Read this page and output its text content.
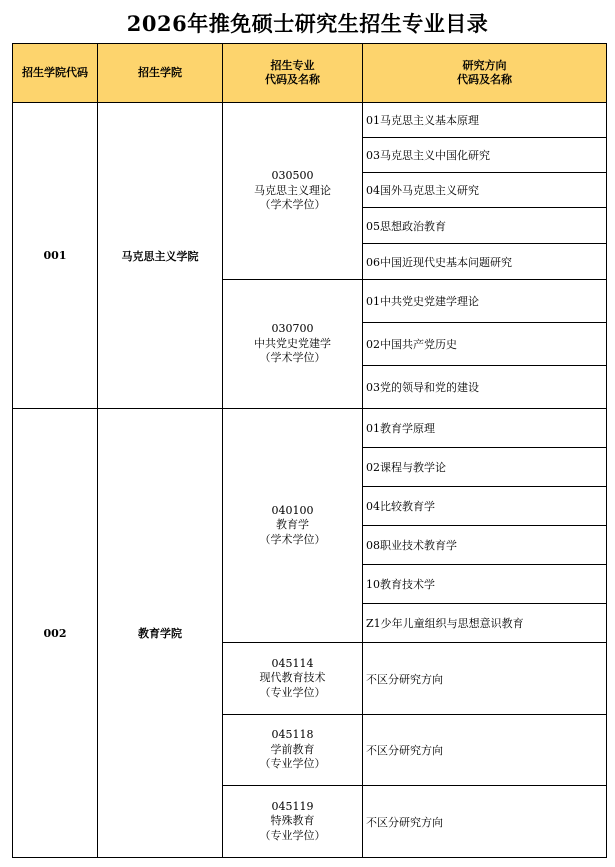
2026年推免硕士研究生招生专业目录
招生学院代码	招生学院	招生专业
代码及名称	研究方向
代码及名称

001	马克思主义学院	030500
马克思主义理论
（学术学位）	01马克思主义基本原理
			03马克思主义中国化研究
			04国外马克思主义研究
			05思想政治教育
			06中国近现代史基本问题研究

		030700
中共党史党建学
（学术学位）	01中共党史党建学理论
			02中国共产党历史
			03党的领导和党的建设
002	教育学院	040100
教育学
（学术学位）	01教育学原理
			02课程与教学论
			04比较教育学
			08职业技术教育学
			10教育技术学
			Z1少年儿童组织与思想意识教育

		045114
现代教育技术
（专业学位）	不区分研究方向

		045118
学前教育
（专业学位）	不区分研究方向

		045119
特殊教育
（专业学位）	不区分研究方向
